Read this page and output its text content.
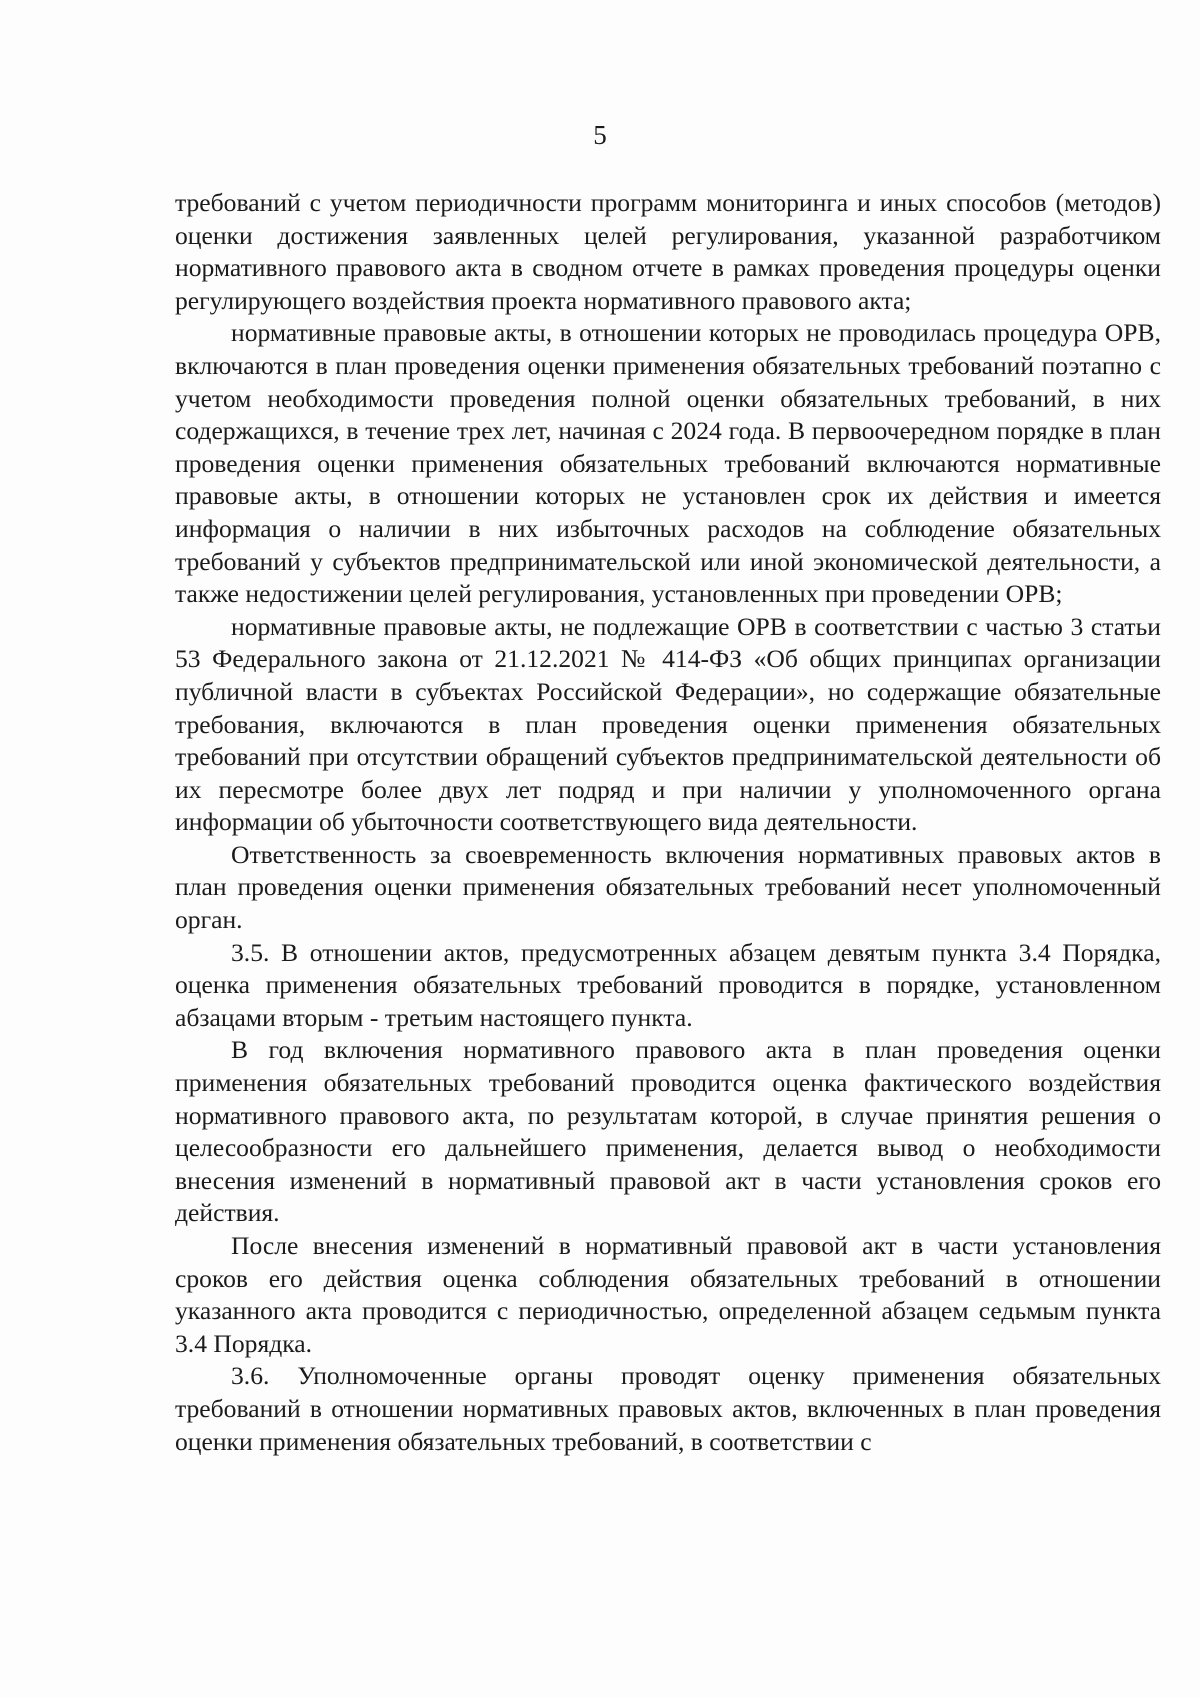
5

требований с учетом периодичности программ мониторинга и иных способов (методов) оценки достижения заявленных целей регулирования, указанной разработчиком нормативного правового акта в сводном отчете в рамках проведения процедуры оценки регулирующего воздействия проекта нормативного правового акта;

нормативные правовые акты, в отношении которых не проводилась процедура ОРВ, включаются в план проведения оценки применения обязательных требований поэтапно с учетом необходимости проведения полной оценки обязательных требований, в них содержащихся, в течение трех лет, начиная с 2024 года. В первоочередном порядке в план проведения оценки применения обязательных требований включаются нормативные правовые акты, в отношении которых не установлен срок их действия и имеется информация о наличии в них избыточных расходов на соблюдение обязательных требований у субъектов предпринимательской или иной экономической деятельности, а также недостижении целей регулирования, установленных при проведении ОРВ;

нормативные правовые акты, не подлежащие ОРВ в соответствии с частью 3 статьи 53 Федерального закона от 21.12.2021 № 414-ФЗ «Об общих принципах организации публичной власти в субъектах Российской Федерации», но содержащие обязательные требования, включаются в план проведения оценки применения обязательных требований при отсутствии обращений субъектов предпринимательской деятельности об их пересмотре более двух лет подряд и при наличии у уполномоченного органа информации об убыточности соответствующего вида деятельности.

Ответственность за своевременность включения нормативных правовых актов в план проведения оценки применения обязательных требований несет уполномоченный орган.

3.5. В отношении актов, предусмотренных абзацем девятым пункта 3.4 Порядка, оценка применения обязательных требований проводится в порядке, установленном абзацами вторым - третьим настоящего пункта.

В год включения нормативного правового акта в план проведения оценки применения обязательных требований проводится оценка фактического воздействия нормативного правового акта, по результатам которой, в случае принятия решения о целесообразности его дальнейшего применения, делается вывод о необходимости внесения изменений в нормативный правовой акт в части установления сроков его действия.

После внесения изменений в нормативный правовой акт в части установления сроков его действия оценка соблюдения обязательных требований в отношении указанного акта проводится с периодичностью, определенной абзацем седьмым пункта 3.4 Порядка.

3.6. Уполномоченные органы проводят оценку применения обязательных требований в отношении нормативных правовых актов, включенных в план проведения оценки применения обязательных требований, в соответствии с
